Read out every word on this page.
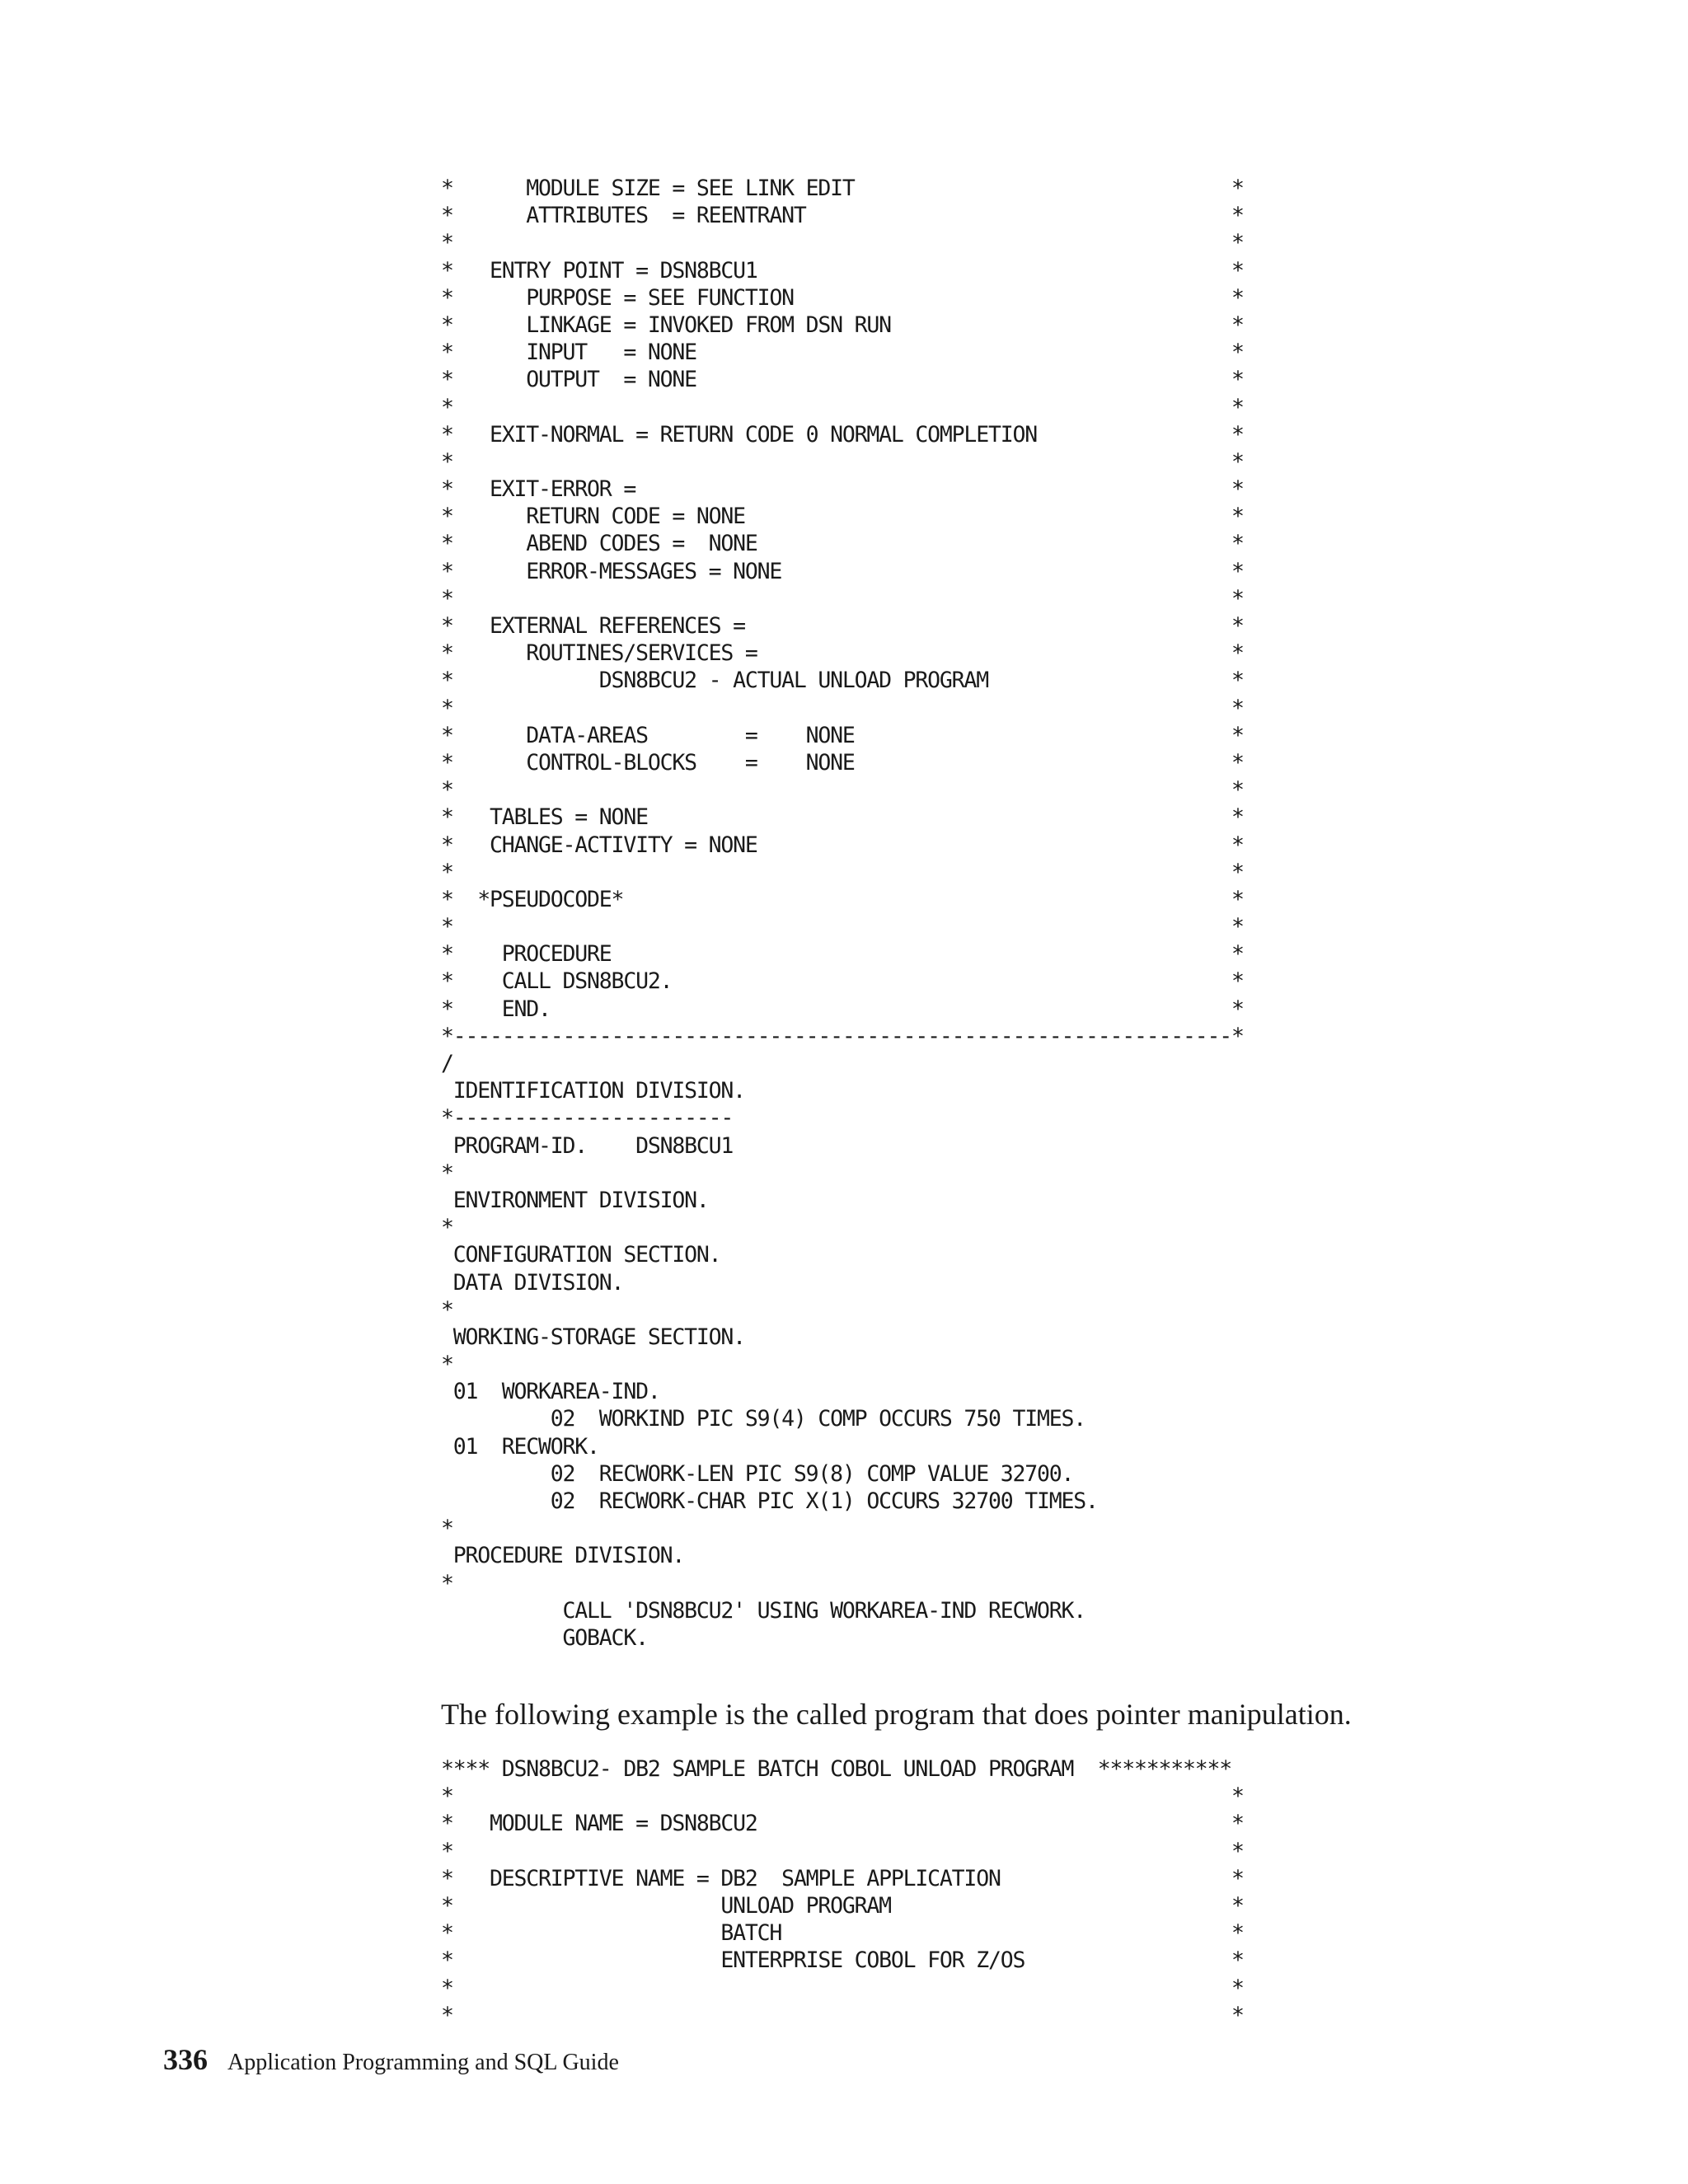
*      MODULE SIZE = SEE LINK EDIT                               *
*      ATTRIBUTES  = REENTRANT                                   *
*                                                                *
*   ENTRY POINT = DSN8BCU1                                       *
*      PURPOSE = SEE FUNCTION                                    *
*      LINKAGE = INVOKED FROM DSN RUN                            *
*      INPUT   = NONE                                            *
*      OUTPUT  = NONE                                            *
*                                                                *
*   EXIT-NORMAL = RETURN CODE 0 NORMAL COMPLETION                *
*                                                                *
*   EXIT-ERROR =                                                 *
*      RETURN CODE = NONE                                        *
*      ABEND CODES =  NONE                                       *
*      ERROR-MESSAGES = NONE                                     *
*                                                                *
*   EXTERNAL REFERENCES =                                        *
*      ROUTINES/SERVICES =                                       *
*            DSN8BCU2 - ACTUAL UNLOAD PROGRAM                    *
*                                                                *
*      DATA-AREAS        =    NONE                               *
*      CONTROL-BLOCKS    =    NONE                               *
*                                                                *
*   TABLES = NONE                                                *
*   CHANGE-ACTIVITY = NONE                                       *
*                                                                *
*  *PSEUDOCODE*                                                  *
*                                                                *
*    PROCEDURE                                                   *
*    CALL DSN8BCU2.                                              *
*    END.                                                        *
*----------------------------------------------------------------*
/
IDENTIFICATION DIVISION.
*-----------------------
PROGRAM-ID.    DSN8BCU1
*
ENVIRONMENT DIVISION.
*
CONFIGURATION SECTION.
DATA DIVISION.
*
WORKING-STORAGE SECTION.
*
01  WORKAREA-IND.
02  WORKIND PIC S9(4) COMP OCCURS 750 TIMES.
01  RECWORK.
02  RECWORK-LEN PIC S9(8) COMP VALUE 32700.
02  RECWORK-CHAR PIC X(1) OCCURS 32700 TIMES.
*
PROCEDURE DIVISION.
*
CALL 'DSN8BCU2' USING WORKAREA-IND RECWORK.
GOBACK.

The following example is the called program that does pointer manipulation.

**** DSN8BCU2- DB2 SAMPLE BATCH COBOL UNLOAD PROGRAM  ***********
*                                                                *
*   MODULE NAME = DSN8BCU2                                       *
*                                                                *
*   DESCRIPTIVE NAME = DB2  SAMPLE APPLICATION                   *
*                      UNLOAD PROGRAM                            *
*                      BATCH                                     *
*                      ENTERPRISE COBOL FOR Z/OS                 *
*                                                                *
*                                                                *
336 Application Programming and SQL Guide
